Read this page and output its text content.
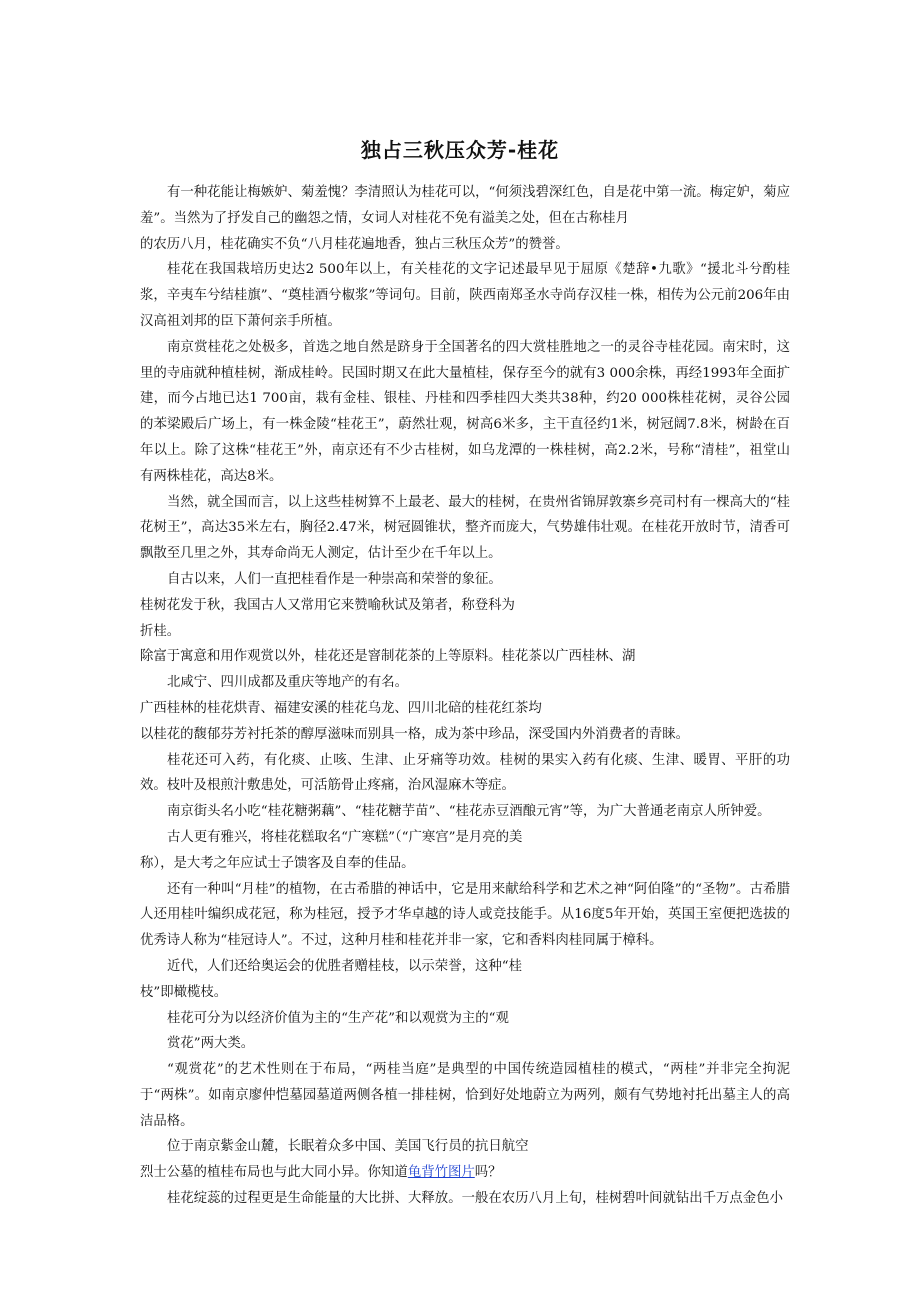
独占三秋压众芳-桂花

有一种花能让梅嫉妒、菊羞愧？李清照认为桂花可以，“何须浅碧深红色，自是花中第一流。梅定妒，菊应羞”。当然为了抒发自己的幽怨之情，女词人对桂花不免有溢美之处，但在古称桂月

的农历八月，桂花确实不负“八月桂花遍地香，独占三秋压众芳”的赞誉。

桂花在我国栽培历史达2 500年以上，有关桂花的文字记述最早见于屈原《楚辞•九歌》“援北斗兮酌桂浆，辛夷车兮结桂旗”、“奠桂酒兮椒浆”等词句。目前，陕西南郑圣水寺尚存汉桂一株，相传为公元前206年由汉高祖刘邦的臣下萧何亲手所植。

南京赏桂花之处极多，首选之地自然是跻身于全国著名的四大赏桂胜地之一的灵谷寺桂花园。南宋时，这里的寺庙就种植桂树，渐成桂岭。民国时期又在此大量植桂，保存至今的就有3 000余株，再经1993年全面扩建，而今占地已达1 700亩，栽有金桂、银桂、丹桂和四季桂四大类共38种，约20 000株桂花树，灵谷公园的苯梁殿后广场上，有一株金陵“桂花王”，蔚然壮观，树高6米多，主干直径约1米，树冠阔7.8米，树龄在百年以上。除了这株“桂花王”外，南京还有不少古桂树，如乌龙潭的一株桂树，高2.2米，号称“清桂”，祖堂山有两株桂花，高达8米。

当然，就全国而言，以上这些桂树算不上最老、最大的桂树，在贵州省锦屏敦寨乡亮司村有一棵高大的“桂花树王”，高达35米左右，胸径2.47米，树冠圆锥状，整齐而庞大，气势雄伟壮观。在桂花开放时节，清香可飘散至几里之外，其寿命尚无人测定，估计至少在千年以上。

自古以来，人们一直把桂看作是一种崇高和荣誉的象征。

桂树花发于秋，我国古人又常用它来赞喻秋试及第者，称登科为

折桂。

除富于寓意和用作观赏以外，桂花还是窨制花茶的上等原料。桂花茶以广西桂林、湖

北咸宁、四川成都及重庆等地产的有名。

广西桂林的桂花烘青、福建安溪的桂花乌龙、四川北碚的桂花红茶均

以桂花的馥郁芬芳衬托茶的醇厚滋味而别具一格，成为茶中珍品，深受国内外消费者的青睐。

桂花还可入药，有化痰、止咳、生津、止牙痛等功效。桂树的果实入药有化痰、生津、暖胃、平肝的功效。枝叶及根煎汁敷患处，可活筋骨止疼痛，治风湿麻木等症。

南京街头名小吃“桂花糖粥藕”、“桂花糖芋苗”、“桂花赤豆酒酿元宵”等，为广大普通老南京人所钟爱。

古人更有雅兴，将桂花糕取名“广寒糕”（“广寒宫”是月亮的美

称），是大考之年应试士子馈客及自奉的佳品。

还有一种叫“月桂”的植物，在古希腊的神话中，它是用来献给科学和艺术之神“阿伯隆”的“圣物”。古希腊人还用桂叶编织成花冠，称为桂冠，授予才华卓越的诗人或竞技能手。从16度5年开始，英国王室便把选拔的优秀诗人称为“桂冠诗人”。不过，这种月桂和桂花并非一家，它和香料肉桂同属于樟科。

近代，人们还给奥运会的优胜者赠桂枝，以示荣誉，这种“桂

枝”即橄榄枝。

桂花可分为以经济价值为主的“生产花”和以观赏为主的“观

赏花”两大类。

“观赏花”的艺术性则在于布局，“两桂当庭”是典型的中国传统造园植桂的模式，“两桂”并非完全拘泥于“两株”。如南京廖仲恺墓园墓道两侧各植一排桂树，恰到好处地蔚立为两列，颇有气势地衬托出墓主人的高洁品格。

位于南京紫金山麓，长眠着众多中国、美国飞行员的抗日航空

烈士公墓的植桂布局也与此大同小异。你知道龟背竹图片吗？

桂花绽蕊的过程更是生命能量的大比拼、大释放。一般在农历八月上旬，桂树碧叶间就钻出千万点金色小
